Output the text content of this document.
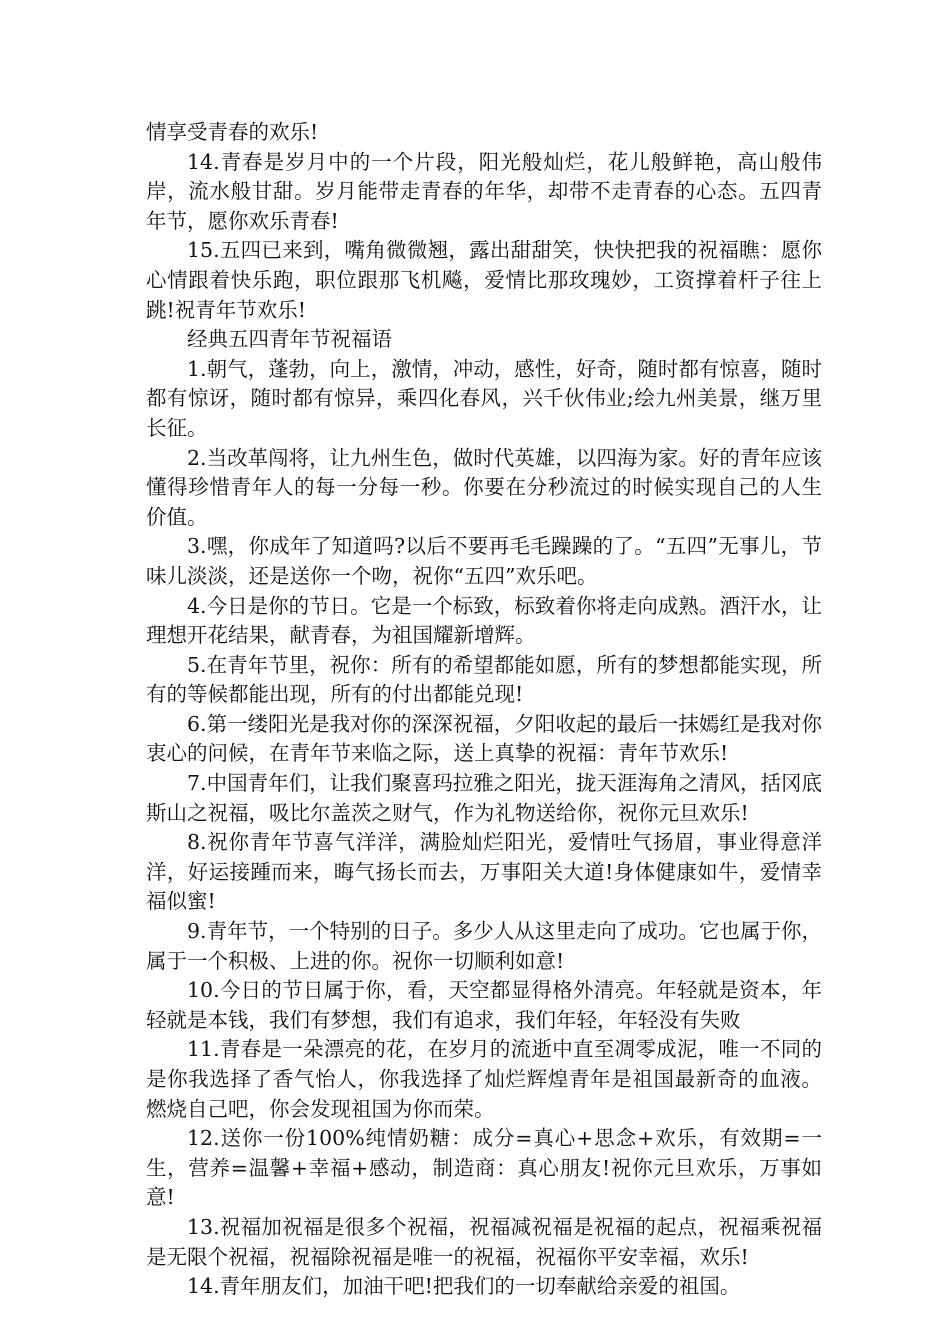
情享受青春的欢乐!

14.青春是岁月中的一个片段，阳光般灿烂，花儿般鲜艳，高山般伟岸，流水般甘甜。岁月能带走青春的年华，却带不走青春的心态。五四青年节，愿你欢乐青春!

15.五四已来到，嘴角微微翘，露出甜甜笑，快快把我的祝福瞧：愿你心情跟着快乐跑，职位跟那飞机飚，爱情比那玫瑰妙，工资撑着杆子往上跳!祝青年节欢乐!

经典五四青年节祝福语

1.朝气，蓬勃，向上，激情，冲动，感性，好奇，随时都有惊喜，随时都有惊讶，随时都有惊异，乘四化春风，兴千伙伟业;绘九州美景，继万里长征。

2.当改革闯将，让九州生色，做时代英雄，以四海为家。好的青年应该懂得珍惜青年人的每一分每一秒。你要在分秒流过的时候实现自己的人生价值。

3.嘿，你成年了知道吗?以后不要再毛毛躁躁的了。“五四”无事儿，节味儿淡淡，还是送你一个吻，祝你“五四”欢乐吧。

4.今日是你的节日。它是一个标致，标致着你将走向成熟。酒汗水，让理想开花结果，献青春，为祖国耀新增辉。

5.在青年节里，祝你：所有的希望都能如愿，所有的梦想都能实现，所有的等候都能出现，所有的付出都能兑现!

6.第一缕阳光是我对你的深深祝福，夕阳收起的最后一抹嫣红是我对你衷心的问候，在青年节来临之际，送上真挚的祝福：青年节欢乐!

7.中国青年们，让我们聚喜玛拉雅之阳光，拢天涯海角之清风，括冈底斯山之祝福，吸比尔盖茨之财气，作为礼物送给你，祝你元旦欢乐!

8.祝你青年节喜气洋洋，满脸灿烂阳光，爱情吐气扬眉，事业得意洋洋，好运接踵而来，晦气扬长而去，万事阳关大道!身体健康如牛，爱情幸福似蜜!

9.青年节，一个特别的日子。多少人从这里走向了成功。它也属于你，属于一个积极、上进的你。祝你一切顺利如意!

10.今日的节日属于你，看，天空都显得格外清亮。年轻就是资本，年轻就是本钱，我们有梦想，我们有追求，我们年轻，年轻没有失败

11.青春是一朵漂亮的花，在岁月的流逝中直至凋零成泥，唯一不同的是你我选择了香气怡人，你我选择了灿烂辉煌青年是祖国最新奇的血液。燃烧自己吧，你会发现祖国为你而荣。

12.送你一份100%纯情奶糖：成分=真心+思念+欢乐，有效期=一生，营养=温馨+幸福+感动，制造商：真心朋友!祝你元旦欢乐，万事如意!

13.祝福加祝福是很多个祝福，祝福减祝福是祝福的起点，祝福乘祝福是无限个祝福，祝福除祝福是唯一的祝福，祝福你平安幸福，欢乐!

14.青年朋友们，加油干吧!把我们的一切奉献给亲爱的祖国。
